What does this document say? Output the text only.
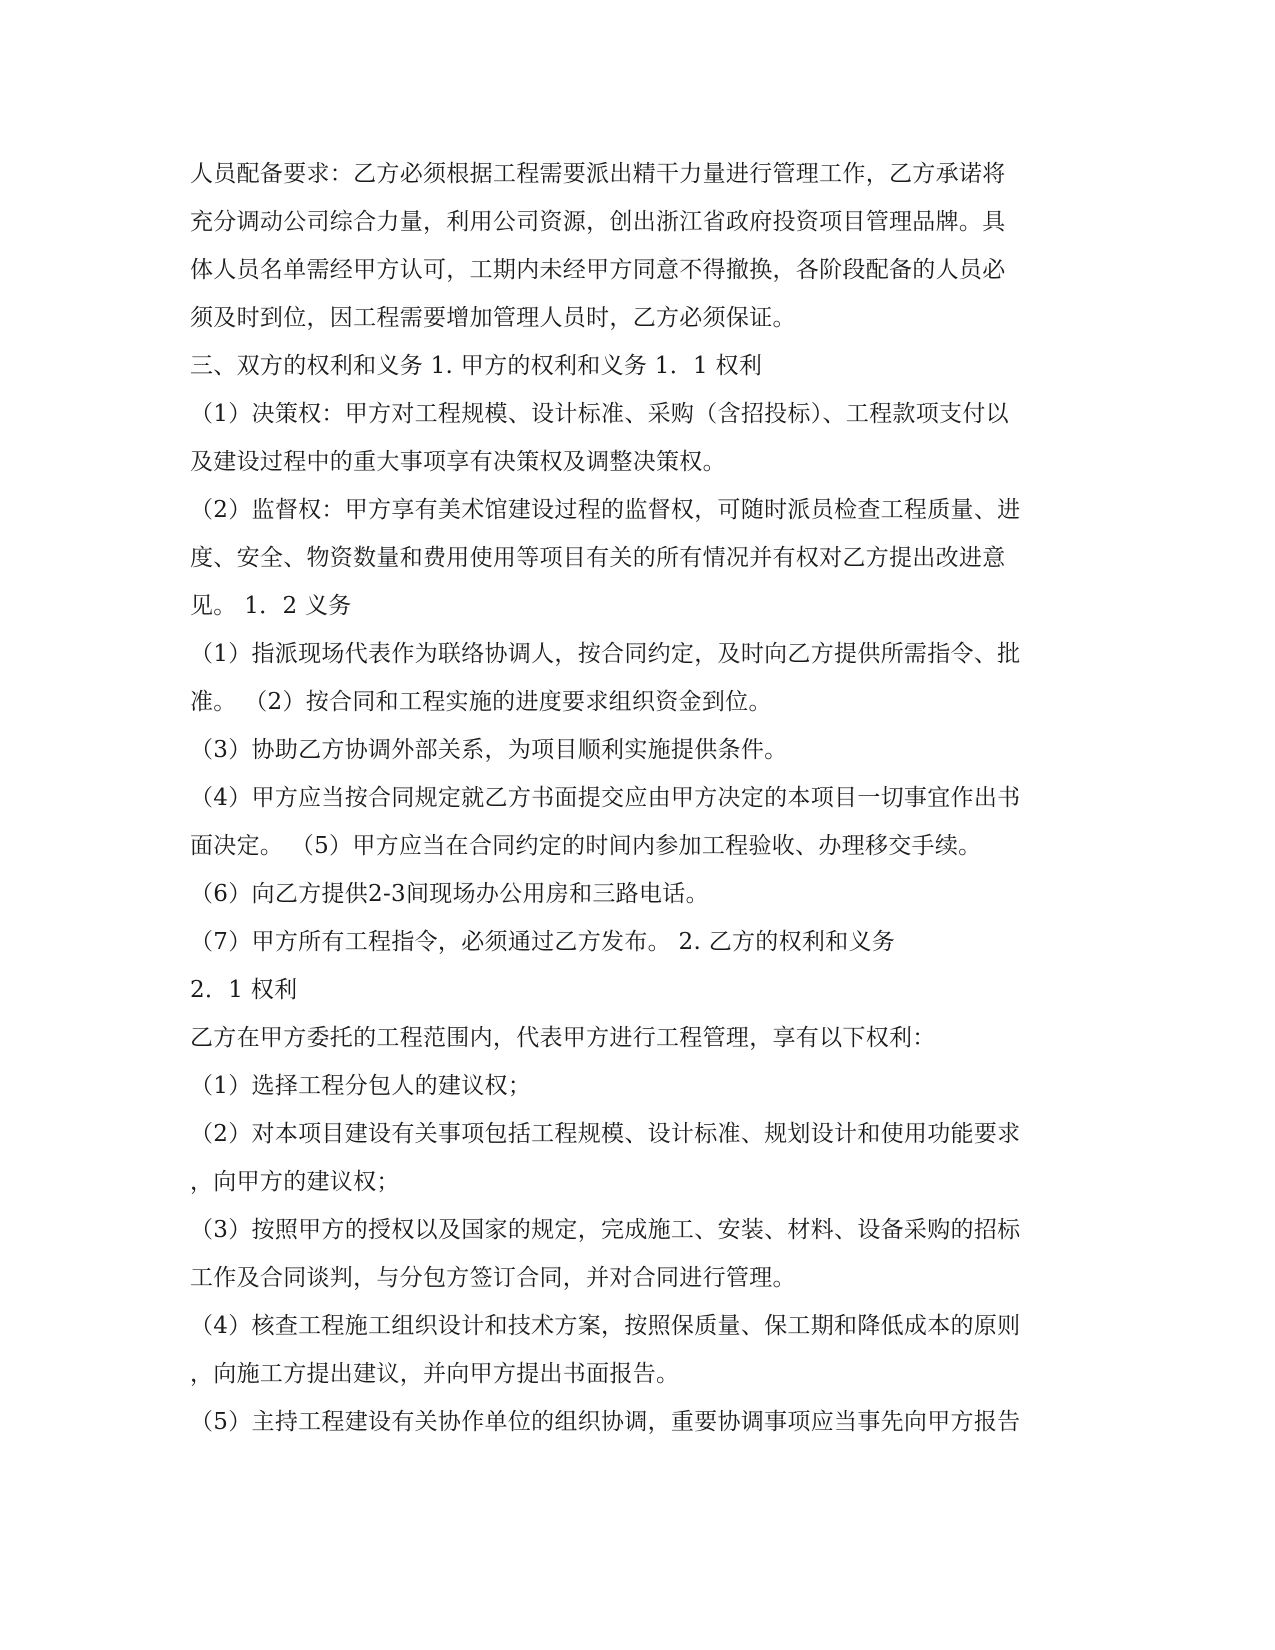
人员配备要求：乙方必须根据工程需要派出精干力量进行管理工作，乙方承诺将
充分调动公司综合力量，利用公司资源，创出浙江省政府投资项目管理品牌。具
体人员名单需经甲方认可，工期内未经甲方同意不得撤换，各阶段配备的人员必
须及时到位，因工程需要增加管理人员时，乙方必须保证。
三、双方的权利和义务 1. 甲方的权利和义务 1．1 权利
（1）决策权：甲方对工程规模、设计标准、采购（含招投标）、工程款项支付以
及建设过程中的重大事项享有决策权及调整决策权。
（2）监督权：甲方享有美术馆建设过程的监督权，可随时派员检查工程质量、进
度、安全、物资数量和费用使用等项目有关的所有情况并有权对乙方提出改进意
见。 1．2 义务
（1）指派现场代表作为联络协调人，按合同约定，及时向乙方提供所需指令、批
准。 （2）按合同和工程实施的进度要求组织资金到位。
（3）协助乙方协调外部关系，为项目顺利实施提供条件。
（4）甲方应当按合同规定就乙方书面提交应由甲方决定的本项目一切事宜作出书
面决定。 （5）甲方应当在合同约定的时间内参加工程验收、办理移交手续。
（6）向乙方提供2-3间现场办公用房和三路电话。
（7）甲方所有工程指令，必须通过乙方发布。 2. 乙方的权利和义务
2．1 权利
乙方在甲方委托的工程范围内，代表甲方进行工程管理，享有以下权利：
（1）选择工程分包人的建议权；
（2）对本项目建设有关事项包括工程规模、设计标准、规划设计和使用功能要求
，向甲方的建议权；
（3）按照甲方的授权以及国家的规定，完成施工、安装、材料、设备采购的招标
工作及合同谈判，与分包方签订合同，并对合同进行管理。
（4）核查工程施工组织设计和技术方案，按照保质量、保工期和降低成本的原则
，向施工方提出建议，并向甲方提出书面报告。
（5）主持工程建设有关协作单位的组织协调，重要协调事项应当事先向甲方报告
